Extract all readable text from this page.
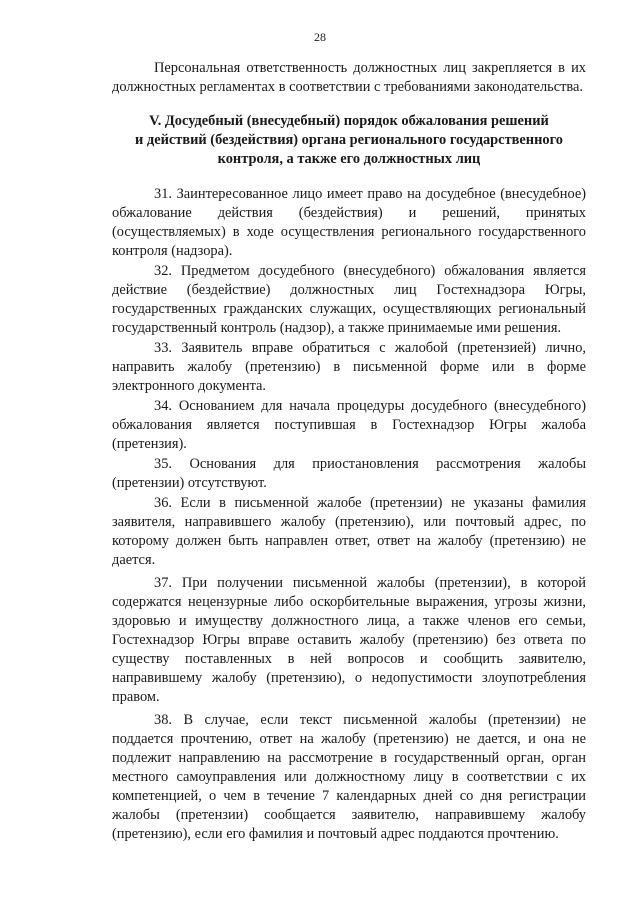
28

Персональная ответственность должностных лиц закрепляется в их должностных регламентах в соответствии с требованиями законодательства.

V. Досудебный (внесудебный) порядок обжалования решений
и действий (бездействия) органа регионального государственного
контроля, а также его должностных лиц

31. Заинтересованное лицо имеет право на досудебное (внесудебное) обжалование действия (бездействия) и решений, принятых (осуществляемых) в ходе осуществления регионального государственного контроля (надзора).

32. Предметом досудебного (внесудебного) обжалования является действие (бездействие) должностных лиц Гостехнадзора Югры, государственных гражданских служащих, осуществляющих региональный государственный контроль (надзор), а также принимаемые ими решения.

33. Заявитель вправе обратиться с жалобой (претензией) лично, направить жалобу (претензию) в письменной форме или в форме электронного документа.

34. Основанием для начала процедуры досудебного (внесудебного) обжалования является поступившая в Гостехнадзор Югры жалоба (претензия).

35. Основания для приостановления рассмотрения жалобы (претензии) отсутствуют.

36. Если в письменной жалобе (претензии) не указаны фамилия заявителя, направившего жалобу (претензию), или почтовый адрес, по которому должен быть направлен ответ, ответ на жалобу (претензию) не дается.

37. При получении письменной жалобы (претензии), в которой содержатся нецензурные либо оскорбительные выражения, угрозы жизни, здоровью и имуществу должностного лица, а также членов его семьи, Гостехнадзор Югры вправе оставить жалобу (претензию) без ответа по существу поставленных в ней вопросов и сообщить заявителю, направившему жалобу (претензию), о недопустимости злоупотребления правом.

38. В случае, если текст письменной жалобы (претензии) не поддается прочтению, ответ на жалобу (претензию) не дается, и она не подлежит направлению на рассмотрение в государственный орган, орган местного самоуправления или должностному лицу в соответствии с их компетенцией, о чем в течение 7 календарных дней со дня регистрации жалобы (претензии) сообщается заявителю, направившему жалобу (претензию), если его фамилия и почтовый адрес поддаются прочтению.
